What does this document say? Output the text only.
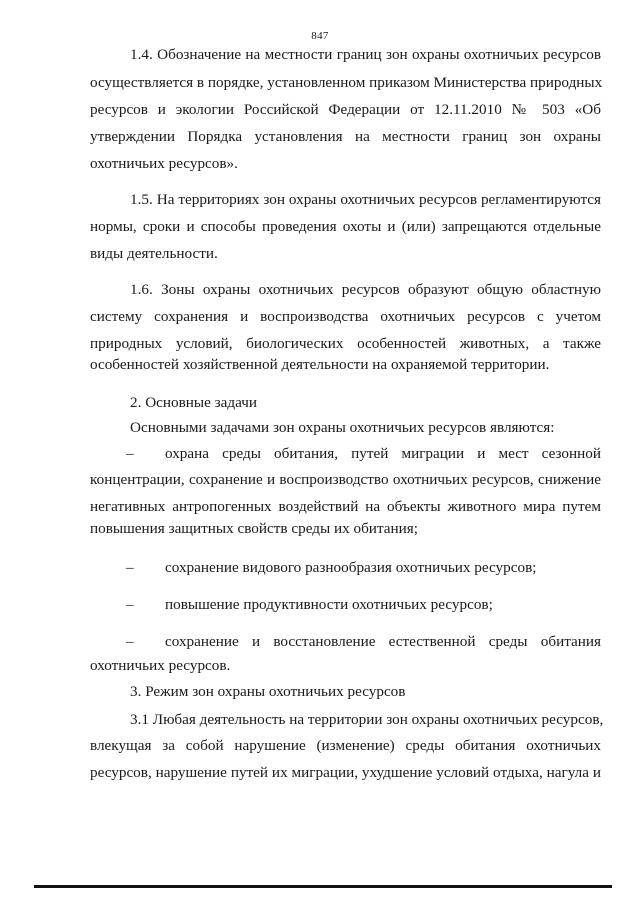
847
1.4. Обозначение на местности границ зон охраны охотничьих ресурсов
осуществляется в порядке, установленном приказом Министерства природных
ресурсов и экологии Российской Федерации от 12.11.2010 № 503 «Об
утверждении Порядка установления на местности границ зон охраны
охотничьих ресурсов».
1.5. На территориях зон охраны охотничьих ресурсов регламентируются
нормы, сроки и способы проведения охоты и (или) запрещаются отдельные
виды деятельности.
1.6. Зоны охраны охотничьих ресурсов образуют общую областную
систему сохранения и воспроизводства охотничьих ресурсов с учетом
природных условий, биологических особенностей животных, а также
особенностей хозяйственной деятельности на охраняемой территории.
2. Основные задачи
Основными задачами зон охраны охотничьих ресурсов являются:
– охрана среды обитания, путей миграции и мест сезонной
концентрации, сохранение и воспроизводство охотничьих ресурсов, снижение
негативных антропогенных воздействий на объекты животного мира путем
повышения защитных свойств среды их обитания;
– сохранение видового разнообразия охотничьих ресурсов;
– повышение продуктивности охотничьих ресурсов;
– сохранение и восстановление естественной среды обитания
охотничьих ресурсов.
3. Режим зон охраны охотничьих ресурсов
3.1 Любая деятельность на территории зон охраны охотничьих ресурсов,
влекущая за собой нарушение (изменение) среды обитания охотничьих
ресурсов, нарушение путей их миграции, ухудшение условий отдыха, нагула и
